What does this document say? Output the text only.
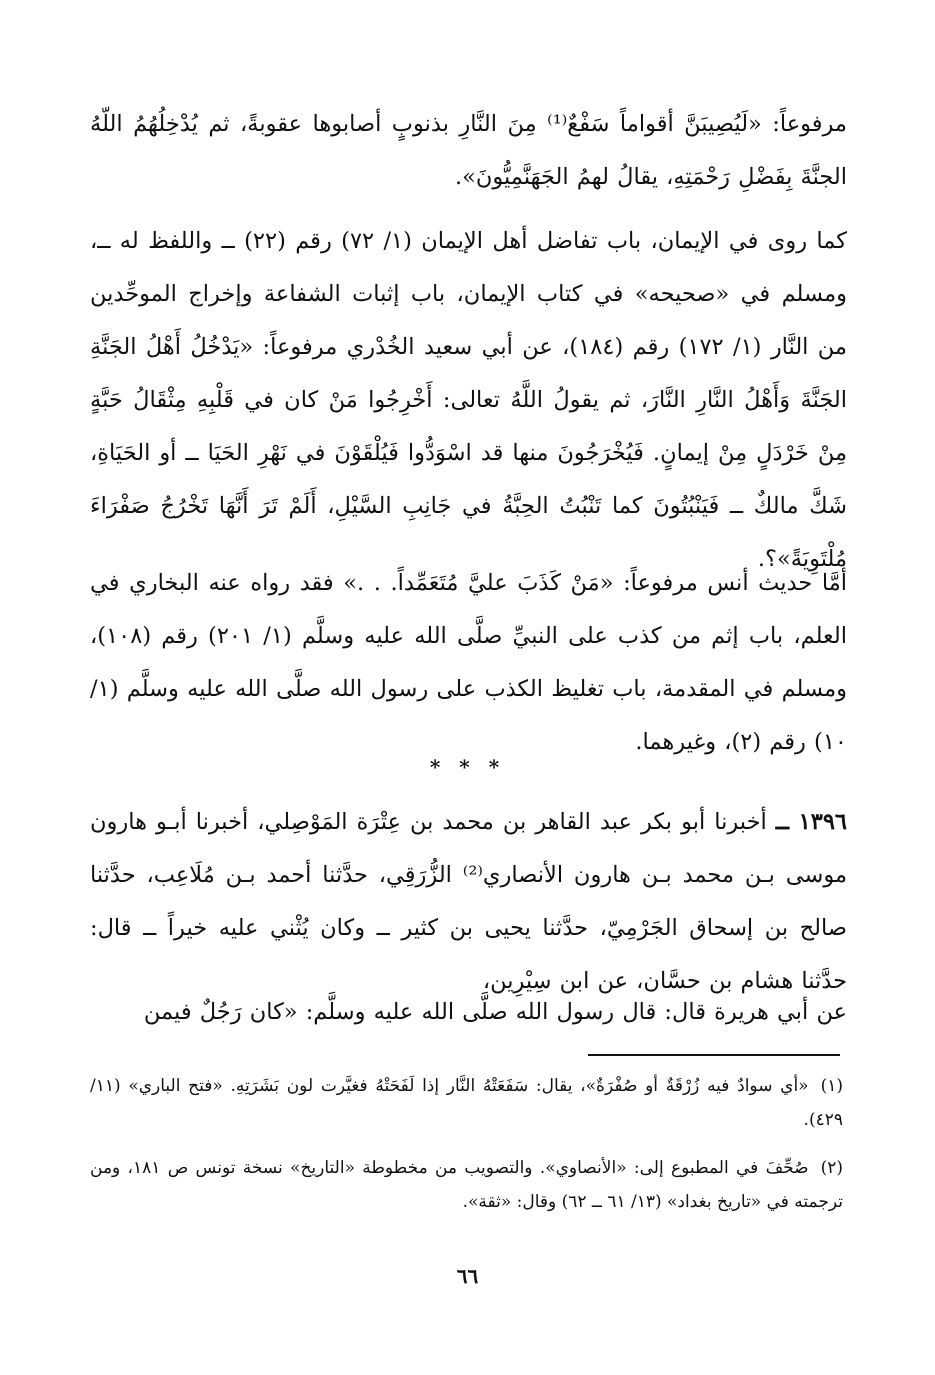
مرفوعاً: «لَيُصِيبَنَّ أقواماً سَفْعٌ⁽¹⁾ مِنَ النَّارِ بذنوبٍ أصابوها عقوبةً، ثم يُدْخِلُهُمُ اللّهُ الجنَّةَ بِفَضْلِ رَحْمَتِهِ، يقالُ لهمُ الجَهَنَّمِيُّونَ».

كما روى في الإيمان، باب تفاضل أهل الإيمان (١/ ٧٢) رقم (٢٢) ــ واللفظ له ــ، ومسلم في «صحيحه» في كتاب الإيمان، باب إثبات الشفاعة وإخراج الموحِّدين من النَّار (١/ ١٧٢) رقم (١٨٤)، عن أبي سعيد الخُدْري مرفوعاً: «يَدْخُلُ أَهْلُ الجَنَّةِ الجَنَّةَ وَأَهْلُ النَّارِ النَّارَ، ثم يقولُ اللَّهُ تعالى: أَخْرِجُوا مَنْ كان في قَلْبِهِ مِثْقَالُ حَبَّةٍ مِنْ خَرْدَلٍ مِنْ إيمانٍ. فَيُخْرَجُونَ منها قد اسْوَدُّوا فَيُلْقَوْنَ في نَهْرِ الحَيَا ــ أو الحَيَاةِ، شَكَّ مالكٌ ــ فَيَنْبُتُونَ كما تَنْبُتُ الحِبَّةُ في جَانِبِ السَّيْلِ، أَلَمْ تَرَ أَنَّهَا تَخْرُجُ صَفْرَاءَ مُلْتَوِيَةً»؟.

أمَّا حديث أنس مرفوعاً: «مَنْ كَذَبَ عليَّ مُتَعَمِّداً. . .» فقد رواه عنه البخاري في العلم، باب إثم من كذب على النبيِّ صلَّى الله عليه وسلَّم (١/ ٢٠١) رقم (١٠٨)، ومسلم في المقدمة، باب تغليظ الكذب على رسول الله صلَّى الله عليه وسلَّم (١/ ١٠) رقم (٢)، وغيرهما.

* * *

١٣٩٦ ــ أخبرنا أبو بكر عبد القاهر بن محمد بن عِتْرَة المَوْصِلي، أخبرنا أبـو هارون موسى بـن محمد بـن هارون الأنصاري⁽²⁾ الزُّرَقِي، حدَّثنا أحمد بـن مُلَاعِب، حدَّثنا صالح بن إسحاق الجَرْمِيّ، حدَّثنا يحيى بن كثير ــ وكان يُثْني عليه خيراً ــ قال: حدَّثنا هشام بن حسَّان، عن ابن سِيْرِين،

عن أبي هريرة قال: قال رسول الله صلَّى الله عليه وسلَّم: «كان رَجُلٌ فيمن

(١)«أي سوادٌ فيه زُرْقَةٌ أو صُفْرَةٌ»، يقال: سَفَعَتْهُ النَّار إذا لَفَحَتْهُ فغيَّرت لون بَشَرَتِهِ. «فتح الباري» (١١/ ٤٢٩).

(٢)صُحِّفَ في المطبوع إلى: «الأنصاوي». والتصويب من مخطوطة «التاريخ» نسخة تونس ص ١٨١، ومن ترجمته في «تاريخ بغداد» (١٣/ ٦١ ــ ٦٢) وقال: «ثقة».

٦٦
